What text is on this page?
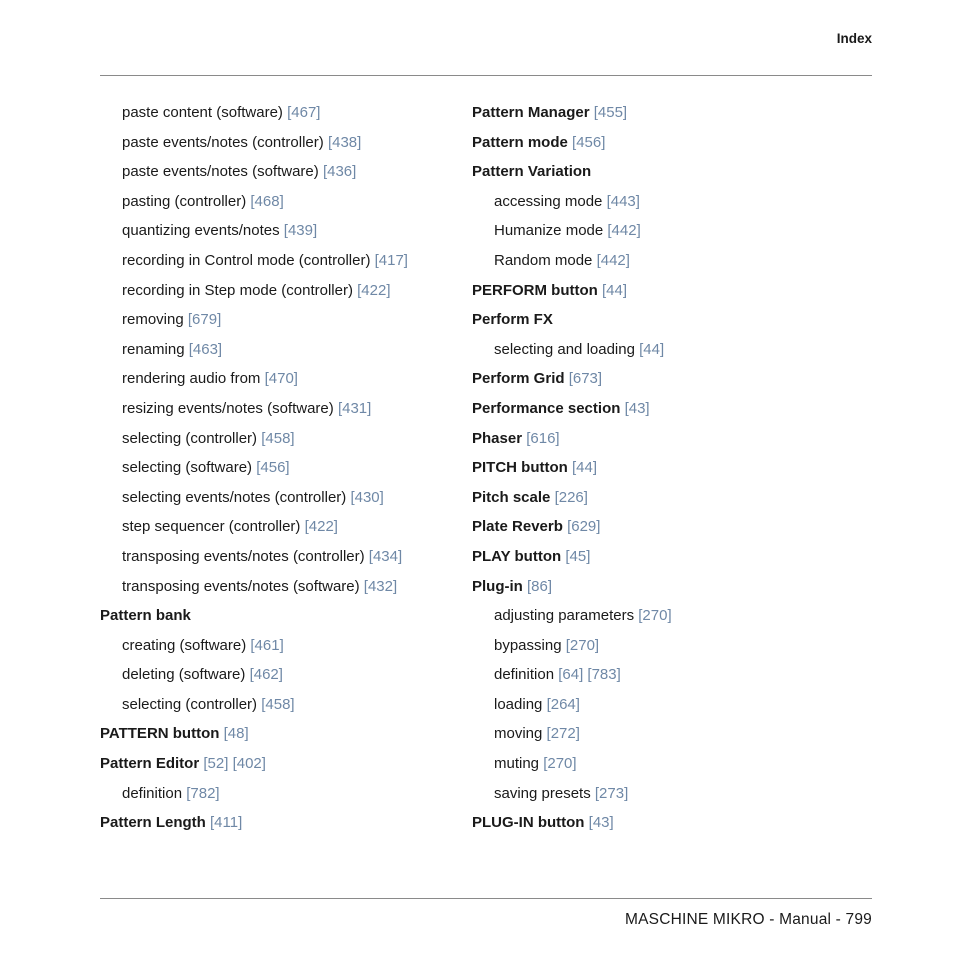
Index
paste content (software) [467]
paste events/notes (controller) [438]
paste events/notes (software) [436]
pasting (controller) [468]
quantizing events/notes [439]
recording in Control mode (controller) [417]
recording in Step mode (controller) [422]
removing [679]
renaming [463]
rendering audio from [470]
resizing events/notes (software) [431]
selecting (controller) [458]
selecting (software) [456]
selecting events/notes (controller) [430]
step sequencer (controller) [422]
transposing events/notes (controller) [434]
transposing events/notes (software) [432]
Pattern bank
creating (software) [461]
deleting (software) [462]
selecting (controller) [458]
PATTERN button [48]
Pattern Editor [52] [402]
definition [782]
Pattern Length [411]
Pattern Manager [455]
Pattern mode [456]
Pattern Variation
accessing mode [443]
Humanize mode [442]
Random mode [442]
PERFORM button [44]
Perform FX
selecting and loading [44]
Perform Grid [673]
Performance section [43]
Phaser [616]
PITCH button [44]
Pitch scale [226]
Plate Reverb [629]
PLAY button [45]
Plug-in [86]
adjusting parameters [270]
bypassing [270]
definition [64] [783]
loading [264]
moving [272]
muting [270]
saving presets [273]
PLUG-IN button [43]
MASCHINE MIKRO - Manual - 799
